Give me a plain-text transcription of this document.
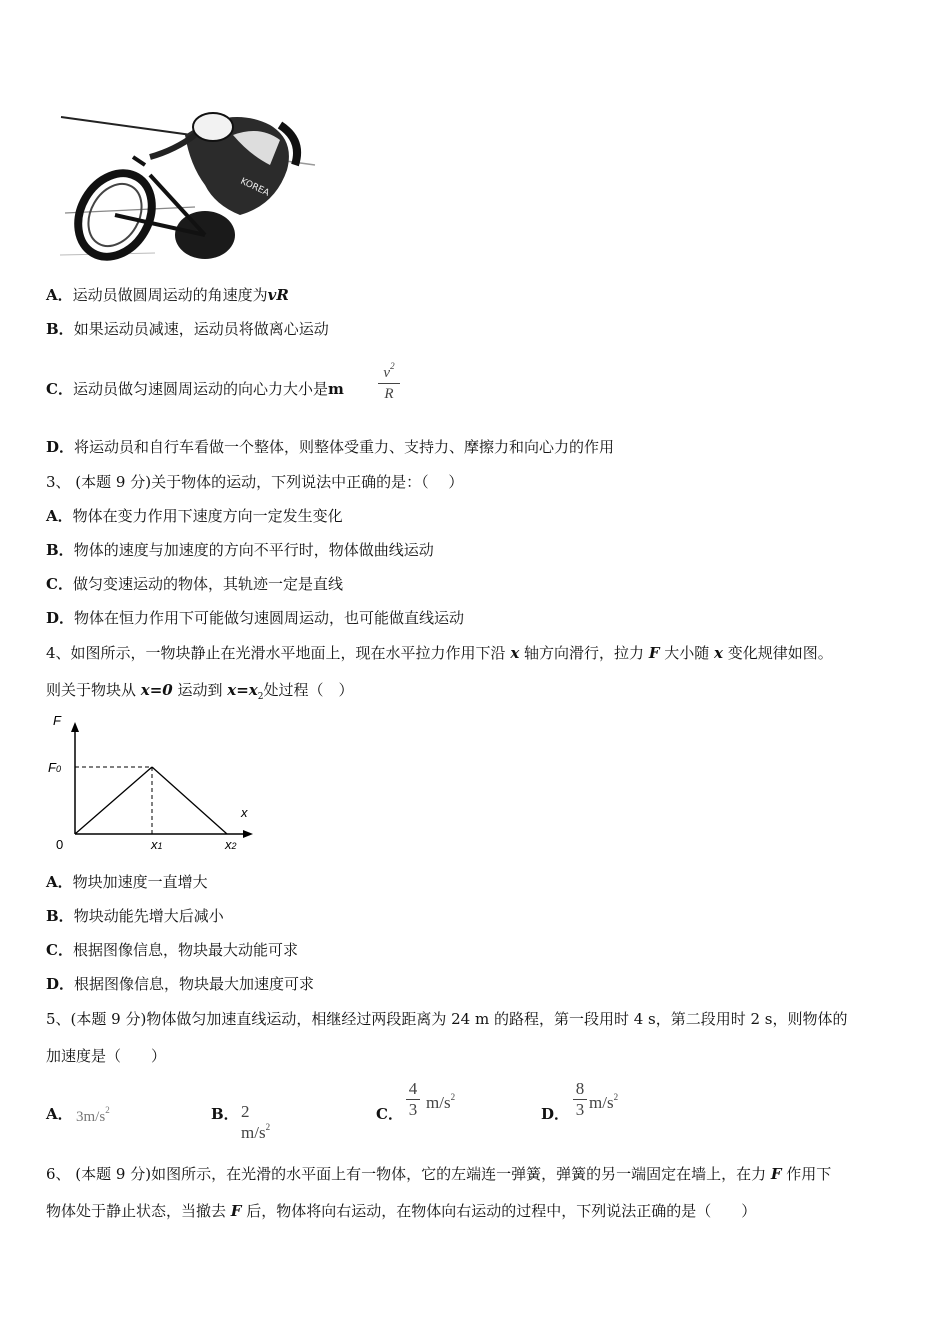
KOREA
A．运动员做圆周运动的角速度为vR
B．如果运动员减速，运动员将做离心运动
C．运动员做匀速圆周运动的向心力大小是m
$v^2$
R
D．将运动员和自行车看做一个整体，则整体受重力、支持力、摩擦力和向心力的作用
3、 (本题 9 分)关于物体的运动，下列说法中正确的是：（　 ）
A．物体在变力作用下速度方向一定发生变化
B．物体的速度与加速度的方向不平行时，物体做曲线运动
C．做匀变速运动的物体，其轨迹一定是直线
D．物体在恒力作用下可能做匀速圆周运动，也可能做直线运动
4、如图所示，一物块静止在光滑水平地面上，现在水平拉力作用下沿 x 轴方向滑行，拉力 F 大小随 x 变化规律如图。
则关于物块从 x=0 运动到 $x=x_2$处过程（　）
F
F0
x
0	x1	x2
A．物块加速度一直增大
B．物块动能先增大后减小
C．根据图像信息，物块最大动能可求
D．根据图像信息，物块最大加速度可求
5、(本题 9 分)物体做匀加速直线运动，相继经过两段距离为 24 m 的路程，第一段用时 4 s，第二段用时 2 s，则物体的
加速度是（　　）
A． $3m/s^2$	B． 2 $m/s^2$
C．
4
3 $m/s^2$
D．
8
3 $m/s^2$
6、 (本题 9 分)如图所示，在光滑的水平面上有一物体，它的左端连一弹簧，弹簧的另一端固定在墙上，在力 F 作用下
物体处于静止状态，当撤去 F 后，物体将向右运动，在物体向右运动的过程中，下列说法正确的是（　　）
